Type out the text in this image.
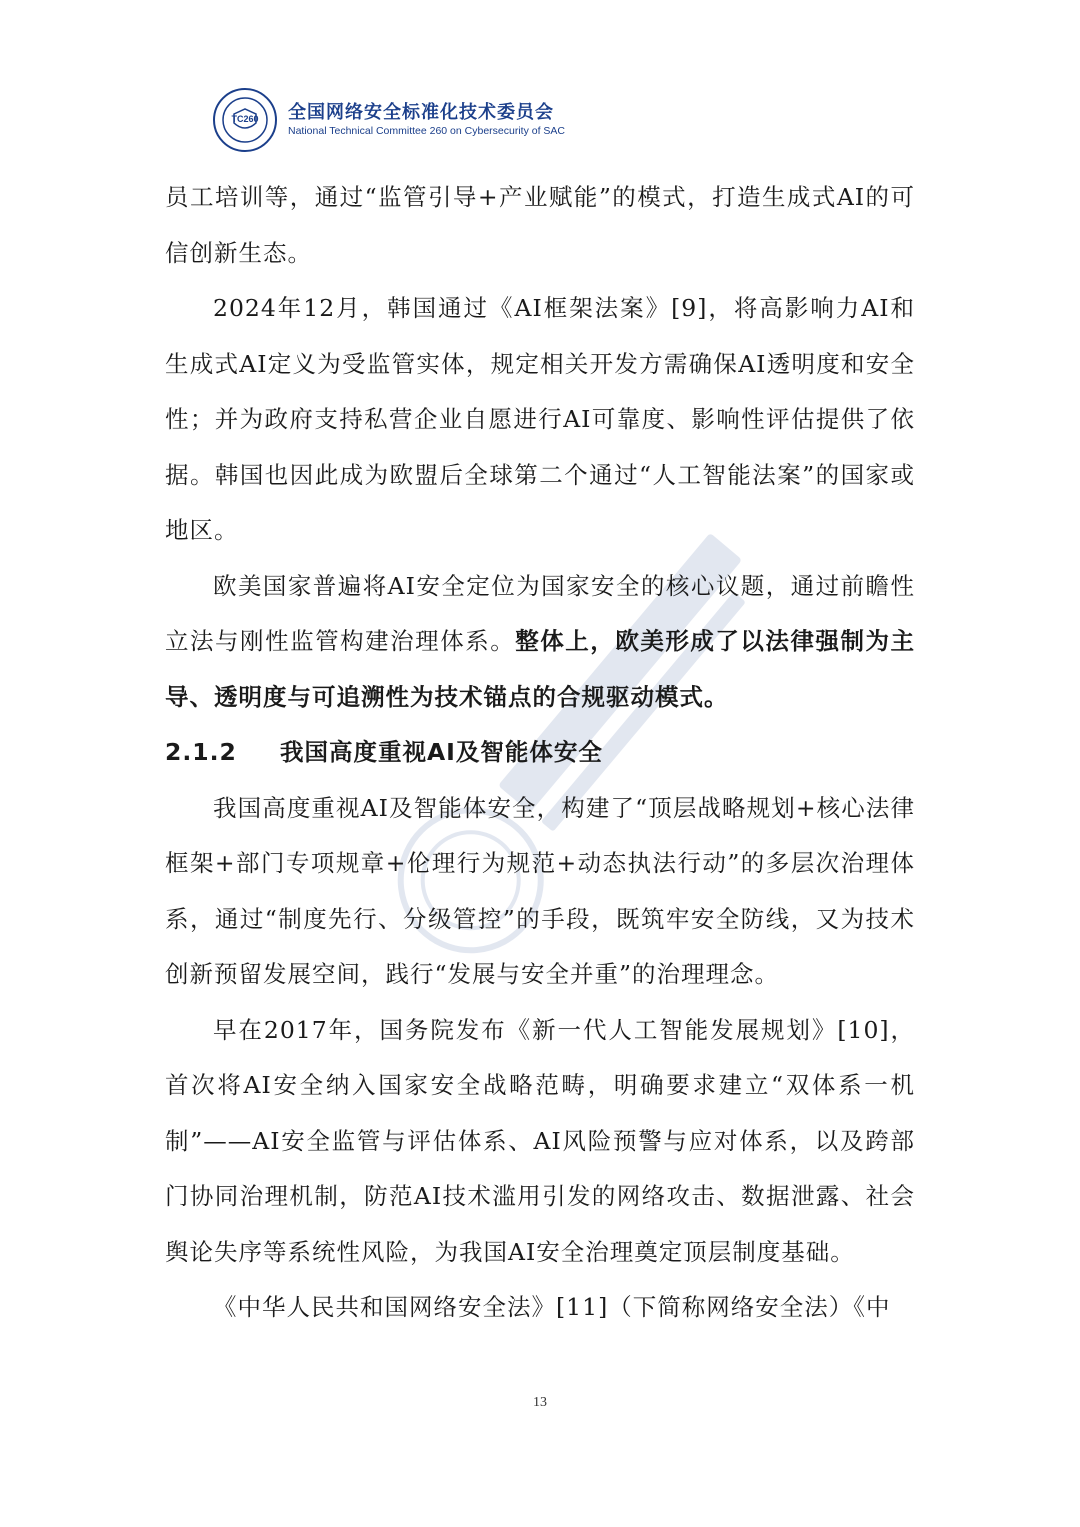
TC260 全国网络安全标准化技术委员会
National Technical Committee 260 on Cybersecurity of SAC

员工培训等，通过“监管引导+产业赋能”的模式，打造生成式AI的可信创新生态。

2024年12月，韩国通过《AI框架法案》[9]，将高影响力AI和生成式AI定义为受监管实体，规定相关开发方需确保AI透明度和安全性；并为政府支持私营企业自愿进行AI可靠度、影响性评估提供了依据。韩国也因此成为欧盟后全球第二个通过“人工智能法案”的国家或地区。

欧美国家普遍将AI安全定位为国家安全的核心议题，通过前瞻性立法与刚性监管构建治理体系。整体上，欧美形成了以法律强制为主导、透明度与可追溯性为技术锚点的合规驱动模式。

2.1.2	我国高度重视AI及智能体安全

我国高度重视AI及智能体安全，构建了“顶层战略规划+核心法律框架+部门专项规章+伦理行为规范+动态执法行动”的多层次治理体系，通过“制度先行、分级管控”的手段，既筑牢安全防线，又为技术创新预留发展空间，践行“发展与安全并重”的治理理念。

早在2017年，国务院发布《新一代人工智能发展规划》[10]，首次将AI安全纳入国家安全战略范畴，明确要求建立“双体系一机制”——AI安全监管与评估体系、AI风险预警与应对体系，以及跨部门协同治理机制，防范AI技术滥用引发的网络攻击、数据泄露、社会舆论失序等系统性风险，为我国AI安全治理奠定顶层制度基础。

《中华人民共和国网络安全法》[11]（下简称网络安全法）《中

13
